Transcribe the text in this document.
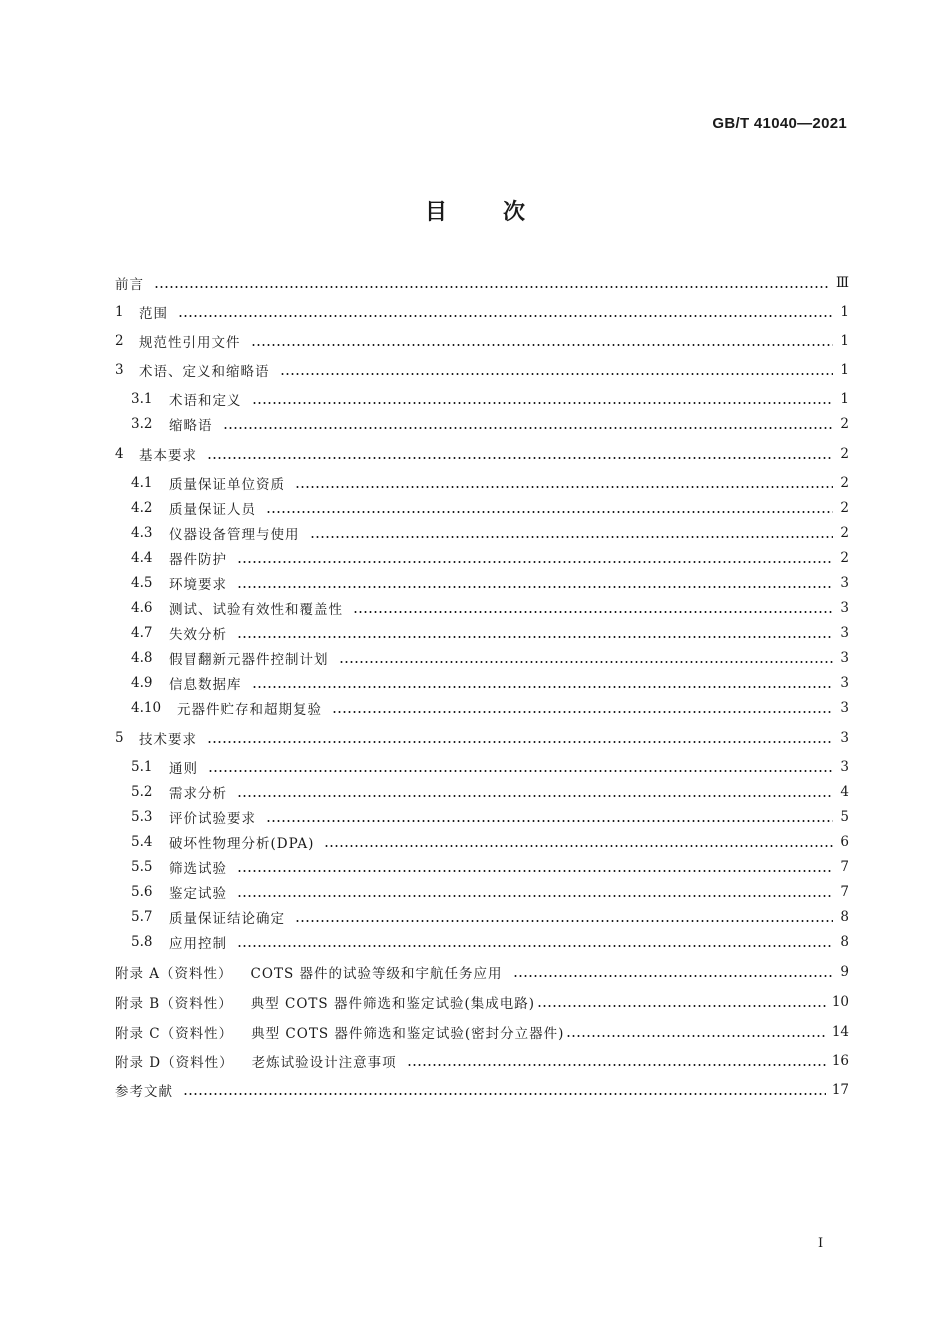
GB/T 41040—2021
目	次
前言	Ⅲ
1	范围	1
2	规范性引用文件	1
3	术语、定义和缩略语	1
3.1	术语和定义	1
3.2	缩略语	2
4	基本要求	2
4.1	质量保证单位资质	2
4.2	质量保证人员	2
4.3	仪器设备管理与使用	2
4.4	器件防护	2
4.5	环境要求	3
4.6	测试、试验有效性和覆盖性	3
4.7	失效分析	3
4.8	假冒翻新元器件控制计划	3
4.9	信息数据库	3
4.10	元器件贮存和超期复验	3
5	技术要求	3
5.1	通则	3
5.2	需求分析	4
5.3	评价试验要求	5
5.4	破坏性物理分析(DPA)	6
5.5	筛选试验	7
5.6	鉴定试验	7
5.7	质量保证结论确定	8
5.8	应用控制	8
附录 A（资料性）	COTS 器件的试验等级和宇航任务应用	9
附录 B（资料性）	典型 COTS 器件筛选和鉴定试验(集成电路)	10
附录 C（资料性）	典型 COTS 器件筛选和鉴定试验(密封分立器件)	14
附录 D（资料性）	老炼试验设计注意事项	16
参考文献	17
I
